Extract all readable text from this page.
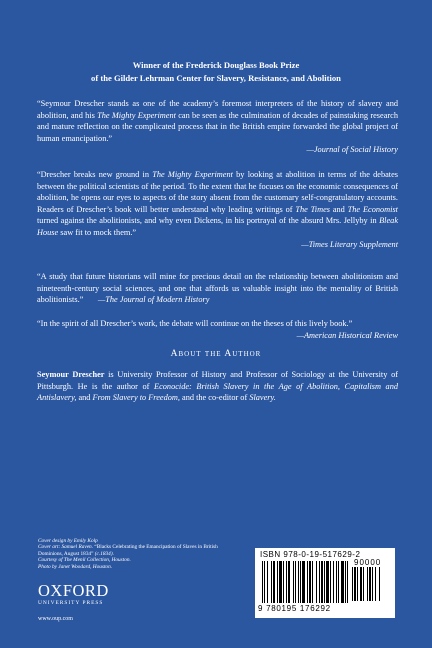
Winner of the Frederick Douglass Book Prize
of the Gilder Lehrman Center for Slavery, Resistance, and Abolition
“Seymour Drescher stands as one of the academy’s foremost interpreters of the history of slavery and abolition, and his The Mighty Experiment can be seen as the culmination of decades of painstaking research and mature reflection on the complicated process that in the British empire forwarded the global project of human emancipation.”
—Journal of Social History
“Drescher breaks new ground in The Mighty Experiment by looking at abolition in terms of the debates between the political scientists of the period. To the extent that he focuses on the economic consequences of abolition, he opens our eyes to aspects of the story absent from the customary self-congratulatory accounts. Readers of Drescher’s book will better understand why leading writings of The Times and The Economist turned against the abolitionists, and why even Dickens, in his portrayal of the absurd Mrs. Jellyby in Bleak House saw fit to mock them.”
—Times Literary Supplement
“A study that future historians will mine for precious detail on the relationship between abolitionism and nineteenth-century social sciences, and one that affords us valuable insight into the mentality of British abolitionists.” —The Journal of Modern History
“In the spirit of all Drescher’s work, the debate will continue on the theses of this lively book.”
—American Historical Review
About the Author
Seymour Drescher is University Professor of History and Professor of Sociology at the University of Pittsburgh. He is the author of Econocide: British Slavery in the Age of Abolition, Capitalism and Antislavery, and From Slavery to Freedom, and the co-editor of Slavery.
Cover design by Emily Kolp
Cover art: Samuel Raven. “Blacks Celebrating the Emancipation of Slaves in British Dominions, August 1834” (c.1834).
Courtesy of The Menil Collection, Houston.
Photo by Janet Woodard, Houston.
OXFORD
UNIVERSITY PRESS
www.oup.com
ISBN 978-0-19-517629-2
90000
9 780195 176292
